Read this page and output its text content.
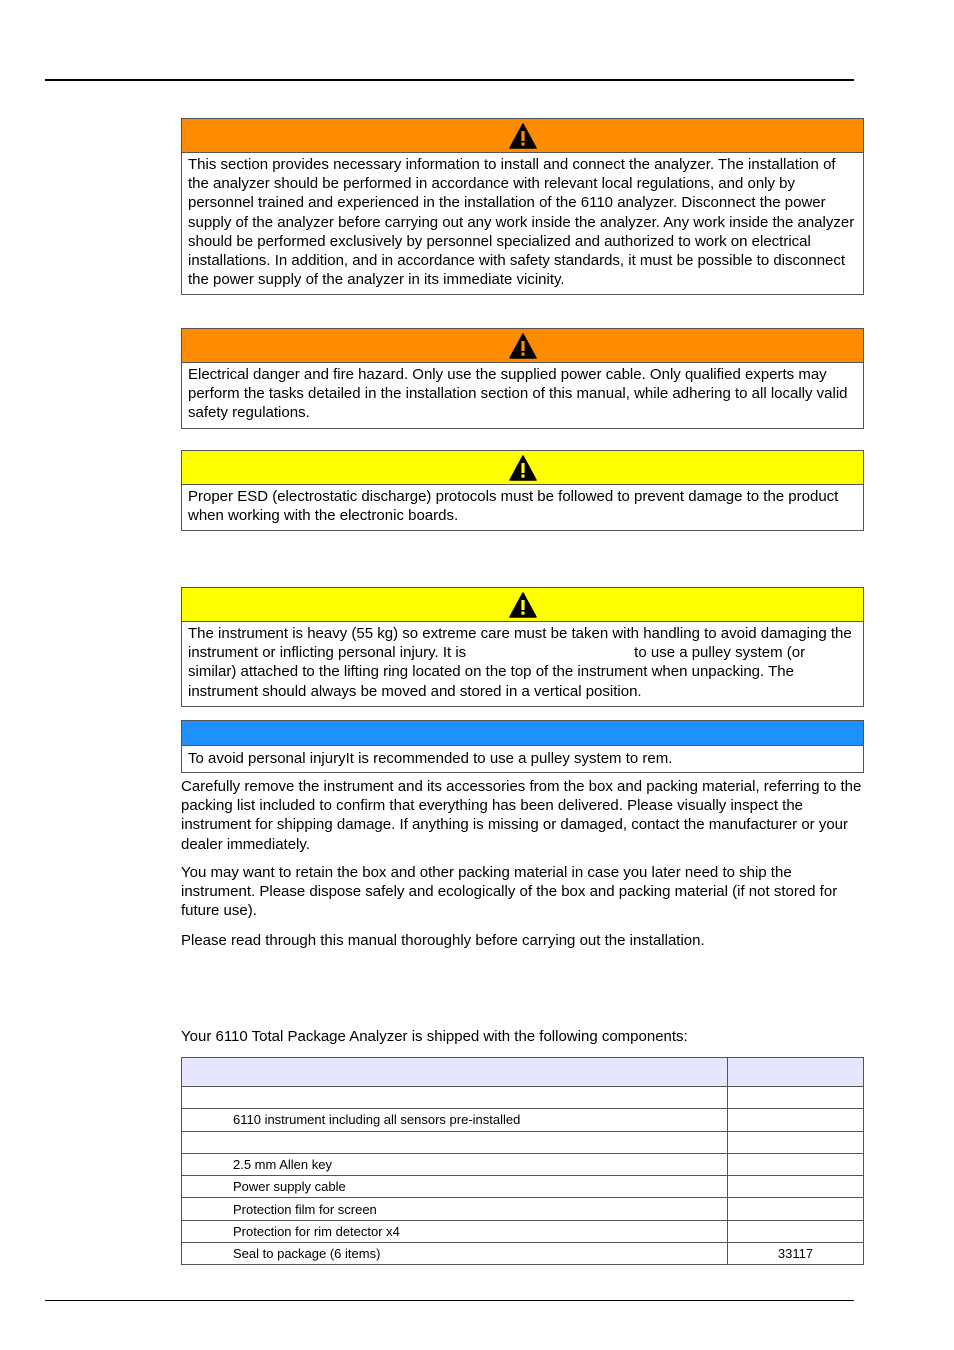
This section provides necessary information to install and connect the analyzer. The installation of the analyzer should be performed in accordance with relevant local regulations, and only by personnel trained and experienced in the installation of the 6110 analyzer. Disconnect the power supply of the analyzer before carrying out any work inside the analyzer. Any work inside the analyzer should be performed exclusively by personnel specialized and authorized to work on electrical installations. In addition, and in accordance with safety standards, it must be possible to disconnect the power supply of the analyzer in its immediate vicinity.
Electrical danger and fire hazard. Only use the supplied power cable. Only qualified experts may perform the tasks detailed in the installation section of this manual, while adhering to all locally valid safety regulations.
Proper ESD (electrostatic discharge) protocols must be followed to prevent damage to the product when working with the electronic boards.
The instrument is heavy (55 kg) so extreme care must be taken with handling to avoid damaging the instrument or inflicting personal injury. It is	to use a pulley system (or similar) attached to the lifting ring located on the top of the instrument when unpacking. The instrument should always be moved and stored in a vertical position.
To avoid personal injuryIt is recommended to use a pulley system to rem.

Carefully remove the instrument and its accessories from the box and packing material, referring to the packing list included to confirm that everything has been delivered. Please visually inspect the instrument for shipping damage. If anything is missing or damaged, contact the manufacturer or your dealer immediately.

You may want to retain the box and other packing material in case you later need to ship the instrument. Please dispose safely and ecologically of the box and packing material (if not stored for future use).

Please read through this manual thoroughly before carrying out the installation.

Your 6110 Total Package Analyzer is shipped with the following components:

6110 instrument including all sensors pre-installed	

2.5 mm Allen key	
Power supply cable	
Protection film for screen	
Protection for rim detector x4	
Seal to package (6 items)	33117
